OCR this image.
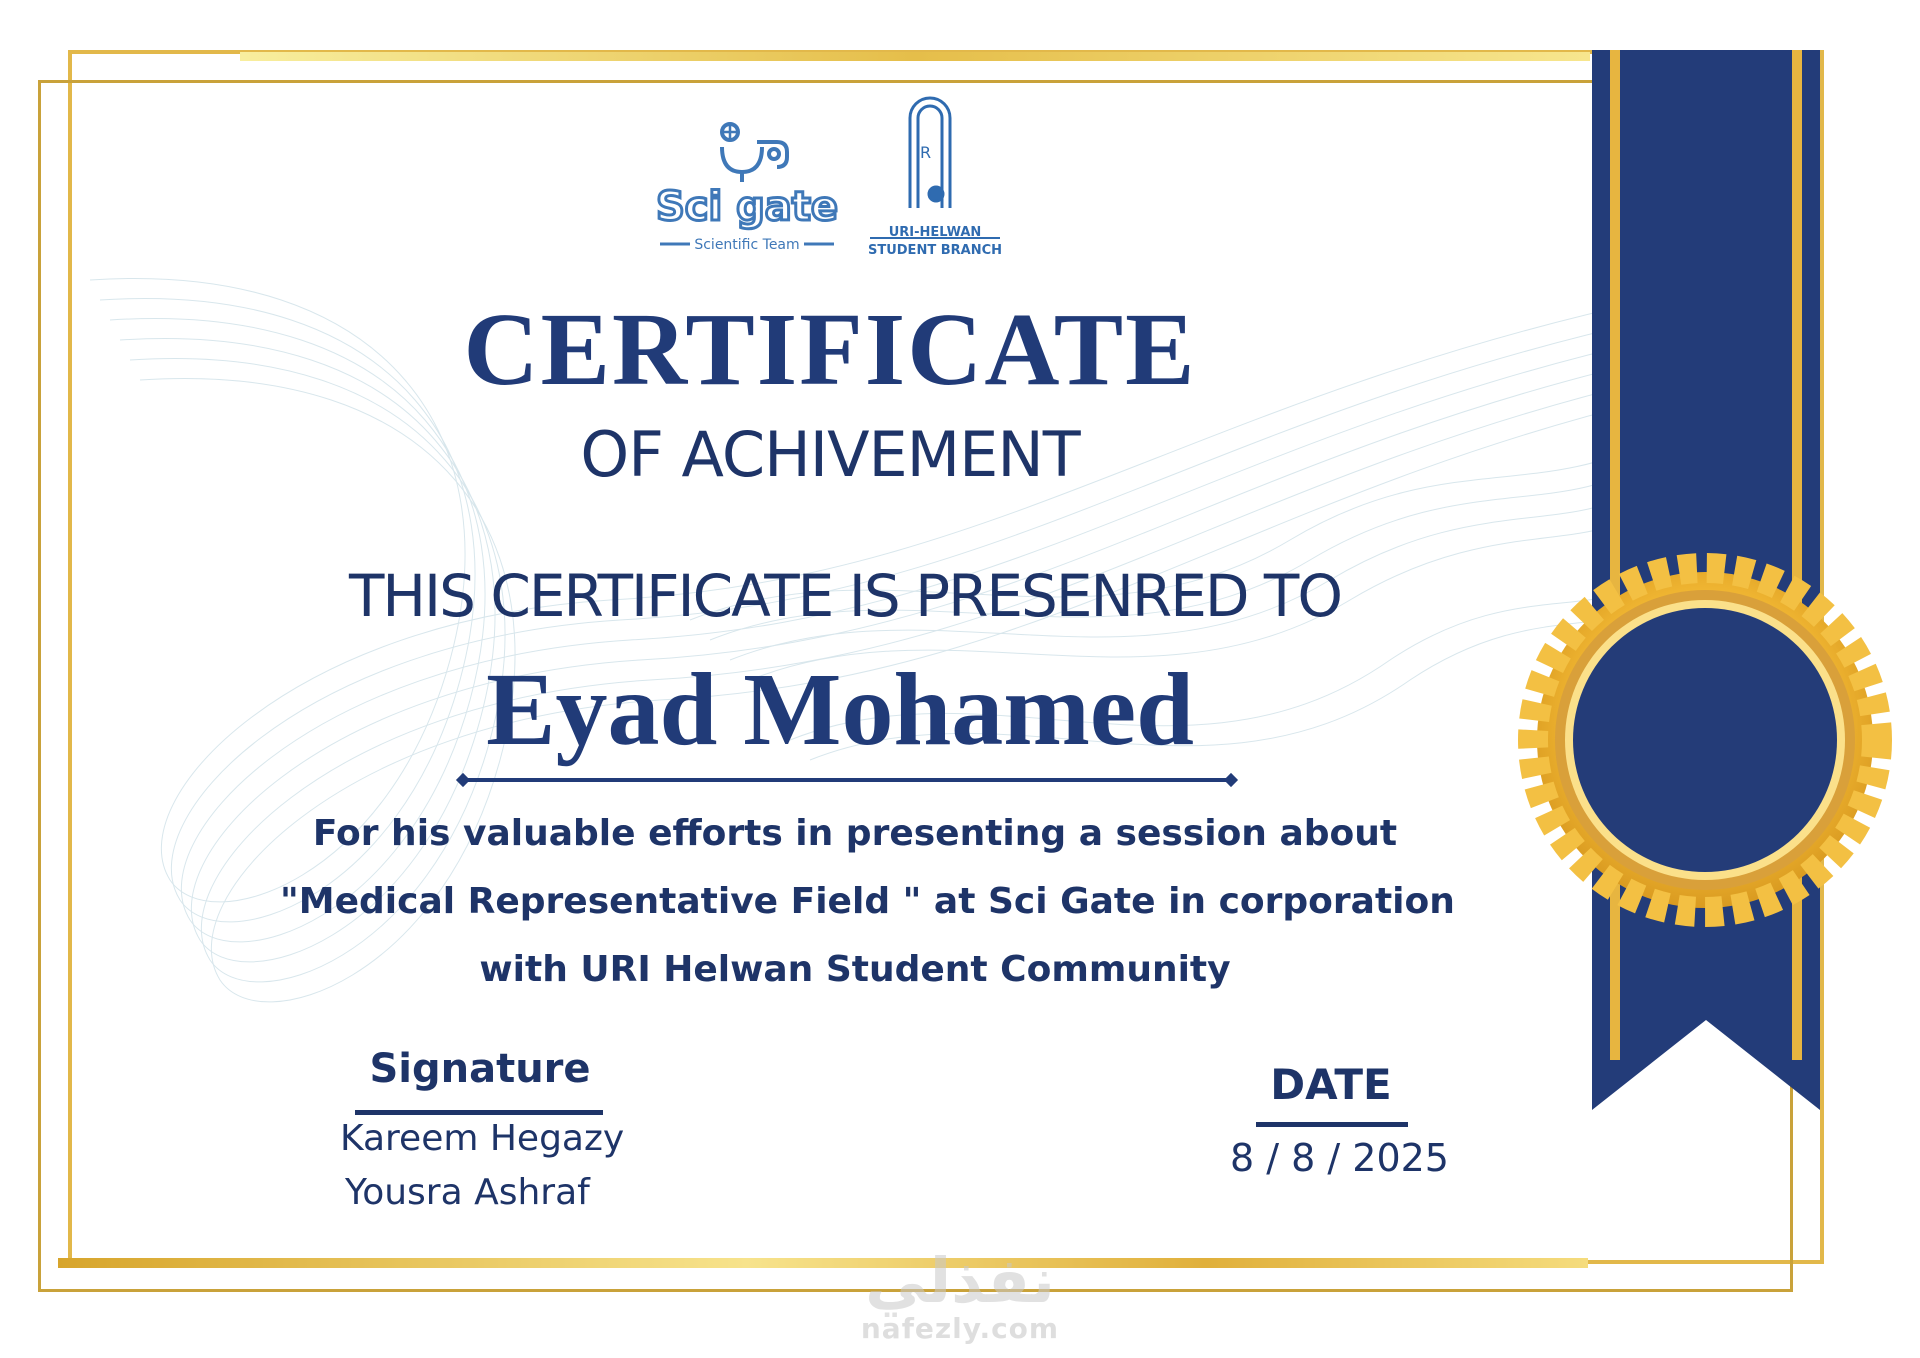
Sci gate
Scientific Team
R
URI-HELWAN
STUDENT BRANCH
CERTIFICATE
OF ACHIVEMENT
THIS CERTIFICATE IS PRESENRED TO
Eyad Mohamed
For his valuable efforts in presenting a session about
"Medical Representative Field " at Sci Gate in corporation
with URI Helwan Student Community
Signature
Kareem Hegazy
Yousra Ashraf
DATE
8 / 8 / 2025
نفذلي
nafezly.com
